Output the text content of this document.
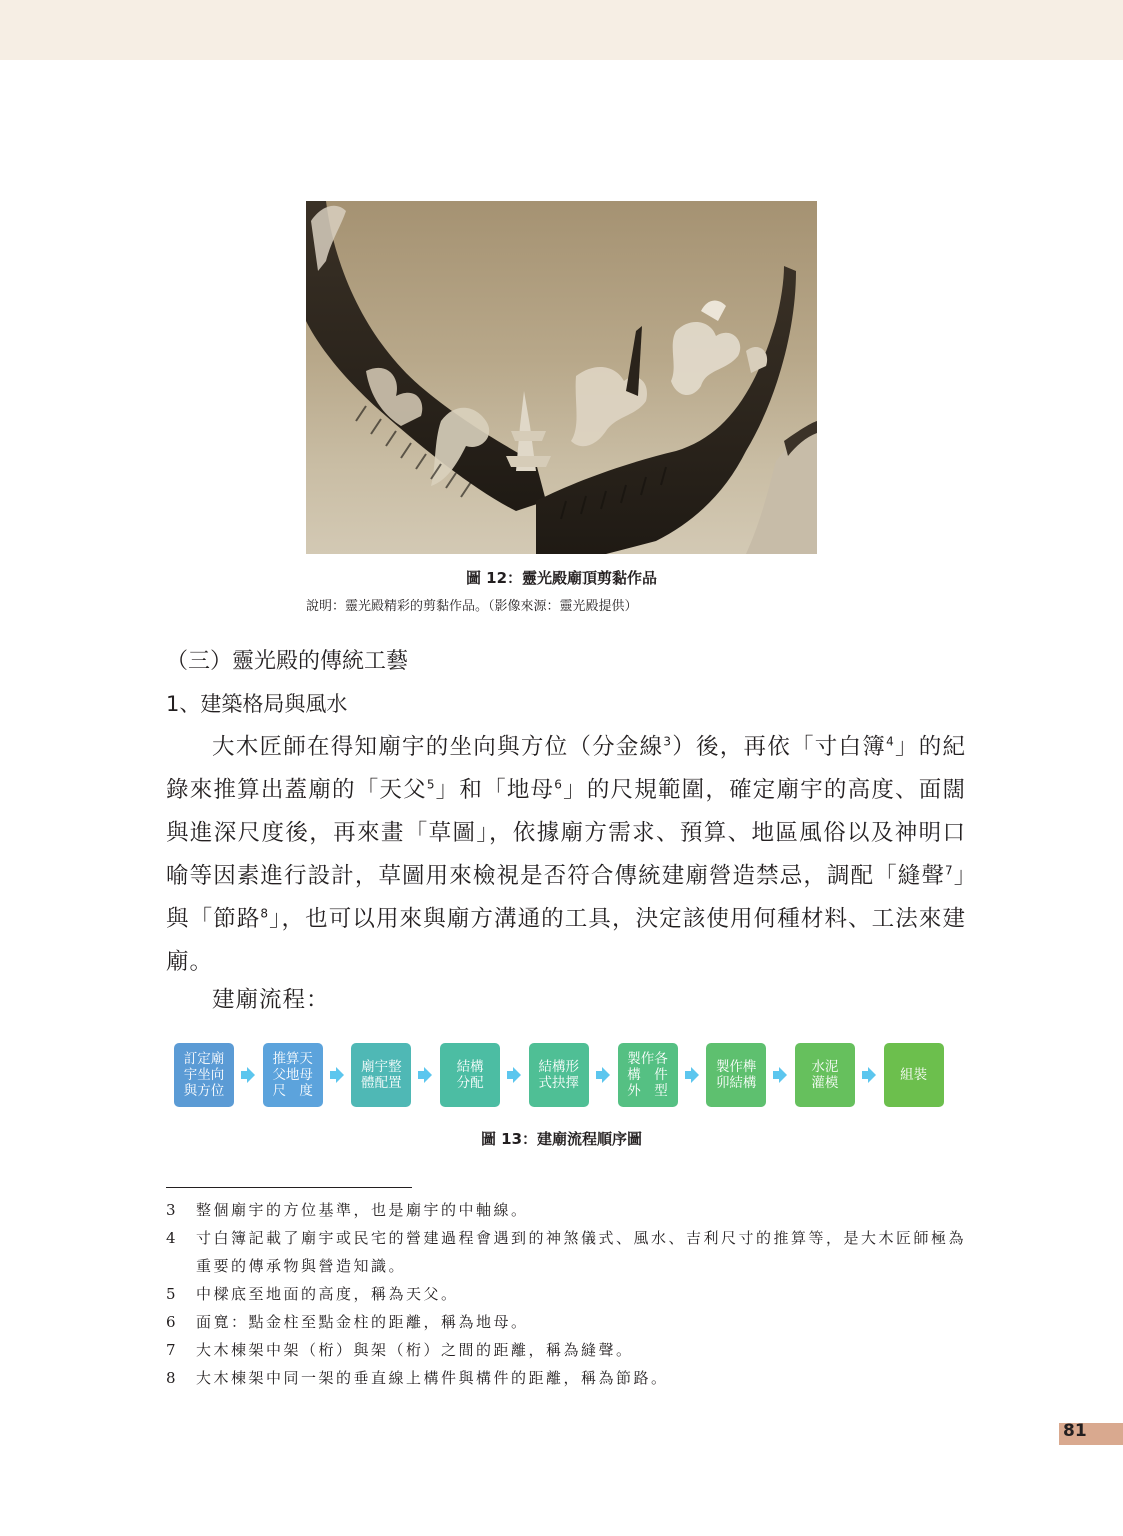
圖 12：靈光殿廟頂剪黏作品
說明：靈光殿精彩的剪黏作品。（影像來源：靈光殿提供）
（三）靈光殿的傳統工藝
1、建築格局與風水
大木匠師在得知廟宇的坐向與方位（分金線$^3$）後，再依「寸白簿$^4$」的紀錄來推算出蓋廟的「天父$^5$」和「地母$^6$」的尺規範圍，確定廟宇的高度、面闊與進深尺度後，再來畫「草圖」，依據廟方需求、預算、地區風俗以及神明口喻等因素進行設計，草圖用來檢視是否符合傳統建廟營造禁忌，調配「縫聲$^7$」與「節路$^8$」，也可以用來與廟方溝通的工具，決定該使用何種材料、工法來建廟。
建廟流程：
訂定廟
宇坐向
與方位
推算天
父地母
尺　度
廟宇整
體配置
結構
分配
結構形
式抉擇
製作各
構　件
外　型
製作榫
卯結構
水泥
灌模	組裝
圖 13：建廟流程順序圖
3	整個廟宇的方位基準，也是廟宇的中軸線。
4	寸白簿記載了廟宇或民宅的營建過程會遇到的神煞儀式、風水、吉利尺寸的推算等，是大木匠師極為重要的傳承物與營造知識。
5	中樑底至地面的高度，稱為天父。
6	面寬：點金柱至點金柱的距離，稱為地母。
7	大木棟架中架（桁）與架（桁）之間的距離，稱為縫聲。
8	大木棟架中同一架的垂直線上構件與構件的距離，稱為節路。
81
